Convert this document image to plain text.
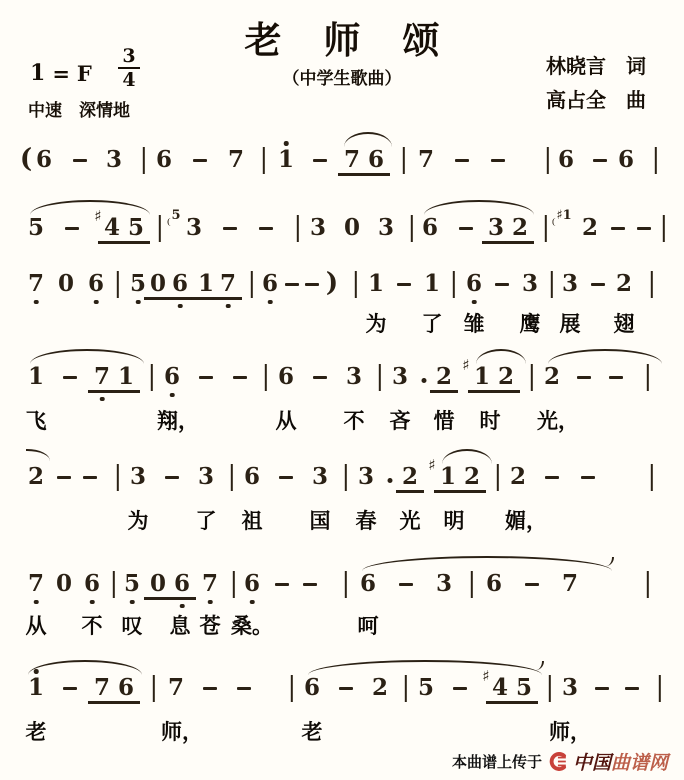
老师颂
1 = F
3
4	（中学生歌曲）
林晓言　词
高占全　曲
中速　深情地
本曲谱上传于 中国曲谱网
( 6 3 6 7 1 7 6 7	6 6
5	♯ 4 5 5 3	3 0 3 6 3 2 ♯1 2
7 0 6 5 0 6 1 7 6 ) 1 1 6 3 3 2
为 了 雏 鹰 展 翅
1 7 1 6	6 3 3 2 ♯ 1 2 2
飞	翔，	从 不 吝 惜 时 光，
2	3 3 6 3 3 2 ♯ 1 2 2
为 了 祖 国 春 光 明 媚，
7 0 6 5 0 6 7 6	6	3 6	7
从 不 叹 息 苍 桑。	呵
1 7 6 7	6 2 5	♯ 4 5 3
老	师，	老	师，
